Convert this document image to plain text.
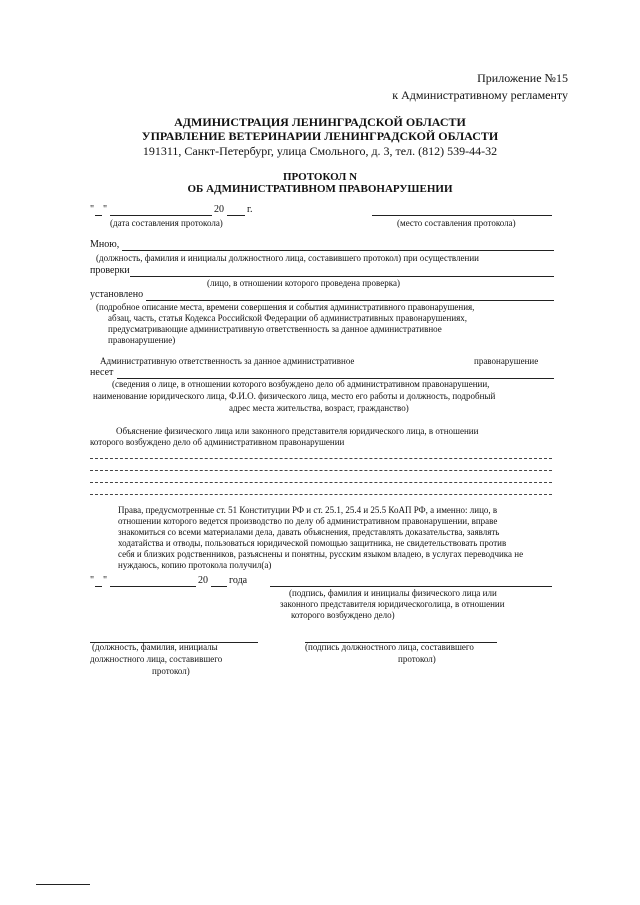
Приложение №15
к Административному регламенту
АДМИНИСТРАЦИЯ ЛЕНИНГРАДСКОЙ ОБЛАСТИ
УПРАВЛЕНИЕ ВЕТЕРИНАРИИ ЛЕНИНГРАДСКОЙ ОБЛАСТИ
191311, Санкт-Петербург, улица Смольного, д. 3, тел. (812) 539-44-32
ПРОТОКОЛ N
ОБ АДМИНИСТРАТИВНОМ ПРАВОНАРУШЕНИИ
" "	20 г.
(дата составления протокола)	(место составления протокола)
Мною,
(должность, фамилия и инициалы должностного лица, составившего протокол) при осуществлении
проверки
(лицо, в отношении которого проведена проверка)
установлено
(подробное описание места, времени совершения и события административного правонарушения,
абзац, часть, статья Кодекса Российской Федерации об административных правонарушениях,
предусматривающие административную ответственность за данное административное
правонарушение)
Административную ответственность за данное административное	правонарушение
несет
(сведения о лице, в отношении которого возбуждено дело об административном правонарушении,
наименование юридического лица, Ф.И.О. физического лица, место его работы и должность, подробный
адрес места жительства, возраст, гражданство)
Объяснение физического лица или законного представителя юридического лица, в отношении
которого возбуждено дело об административном правонарушении
Права, предусмотренные ст. 51 Конституции РФ и ст. 25.1, 25.4 и 25.5 КоАП РФ, а именно: лицо, в
отношении которого ведется производство по делу об административном правонарушении, вправе
знакомиться со всеми материалами дела, давать объяснения, представлять доказательства, заявлять
ходатайства и отводы, пользоваться юридической помощью защитника, не свидетельствовать против
себя и близких родственников, разъяснены и понятны, русским языком владею, в услугах переводчика не
нуждаюсь, копию протокола получил(а)
" "	20 года
(подпись, фамилия и инициалы физического лица или
законного представителя юридическоголица, в отношении
которого возбуждено дело)
(должность, фамилия, инициалы
должностного лица, составившего
протокол)
(подпись должностного лица, составившего
протокол)
